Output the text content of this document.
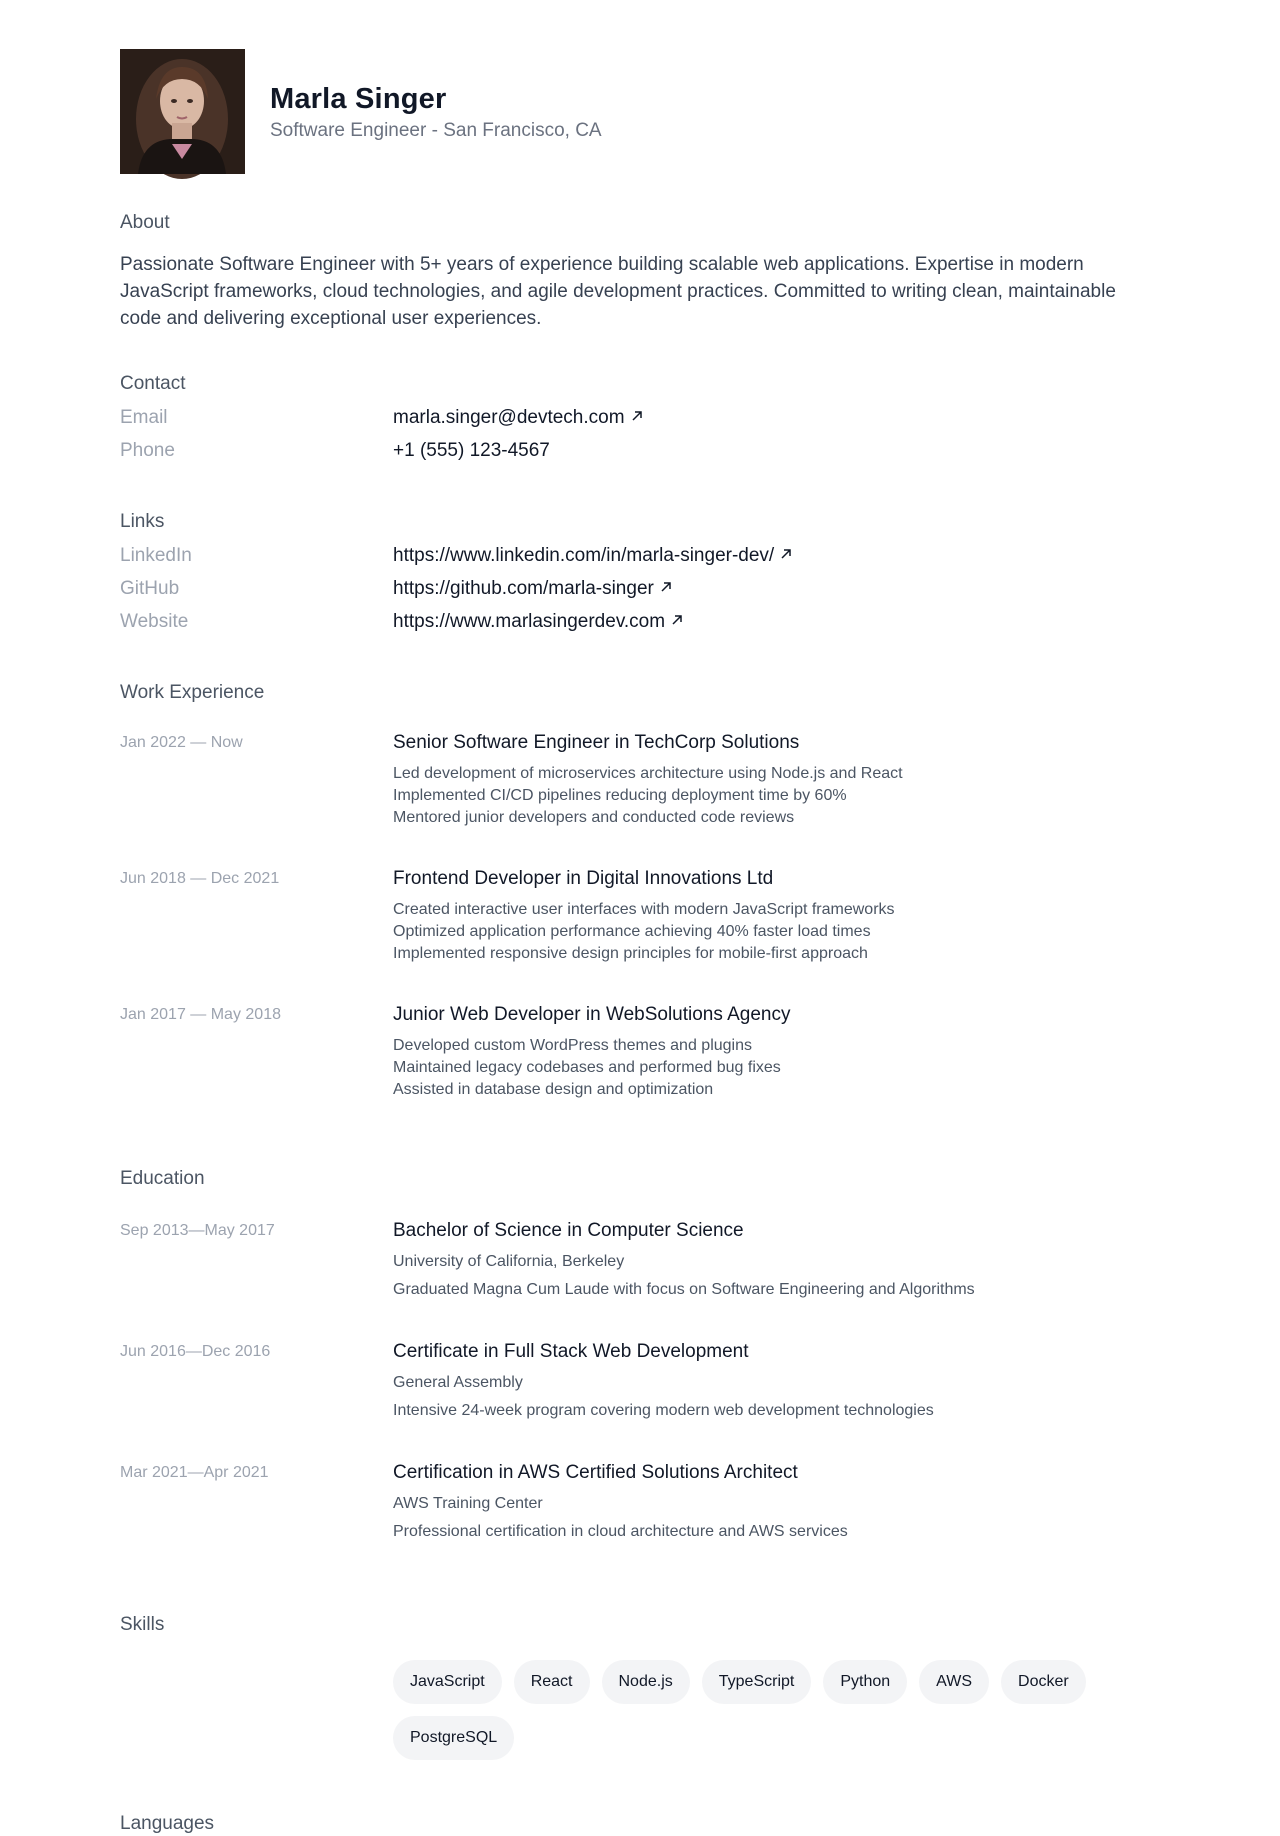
Marla Singer
Software Engineer - San Francisco, CA
About
Passionate Software Engineer with 5+ years of experience building scalable web applications. Expertise in modern JavaScript frameworks, cloud technologies, and agile development practices. Committed to writing clean, maintainable code and delivering exceptional user experiences.
Contact
Email	marla.singer@devtech.com
Phone	+1 (555) 123-4567
Links
LinkedIn	https://www.linkedin.com/in/marla-singer-dev/
GitHub	https://github.com/marla-singer
Website	https://www.marlasingerdev.com
Work Experience
Jan 2022 — Now	Senior Software Engineer in TechCorp Solutions
Led development of microservices architecture using Node.js and React
Implemented CI/CD pipelines reducing deployment time by 60%
Mentored junior developers and conducted code reviews
Jun 2018 — Dec 2021	Frontend Developer in Digital Innovations Ltd
Created interactive user interfaces with modern JavaScript frameworks
Optimized application performance achieving 40% faster load times
Implemented responsive design principles for mobile-first approach
Jan 2017 — May 2018	Junior Web Developer in WebSolutions Agency
Developed custom WordPress themes and plugins
Maintained legacy codebases and performed bug fixes
Assisted in database design and optimization
Education
Sep 2013—May 2017	Bachelor of Science in Computer Science
University of California, Berkeley
Graduated Magna Cum Laude with focus on Software Engineering and Algorithms
Jun 2016—Dec 2016	Certificate in Full Stack Web Development
General Assembly
Intensive 24-week program covering modern web development technologies
Mar 2021—Apr 2021	Certification in AWS Certified Solutions Architect
AWS Training Center
Professional certification in cloud architecture and AWS services
Skills
JavaScript	React	Node.js	TypeScript	Python	AWS	Docker
PostgreSQL
Languages
